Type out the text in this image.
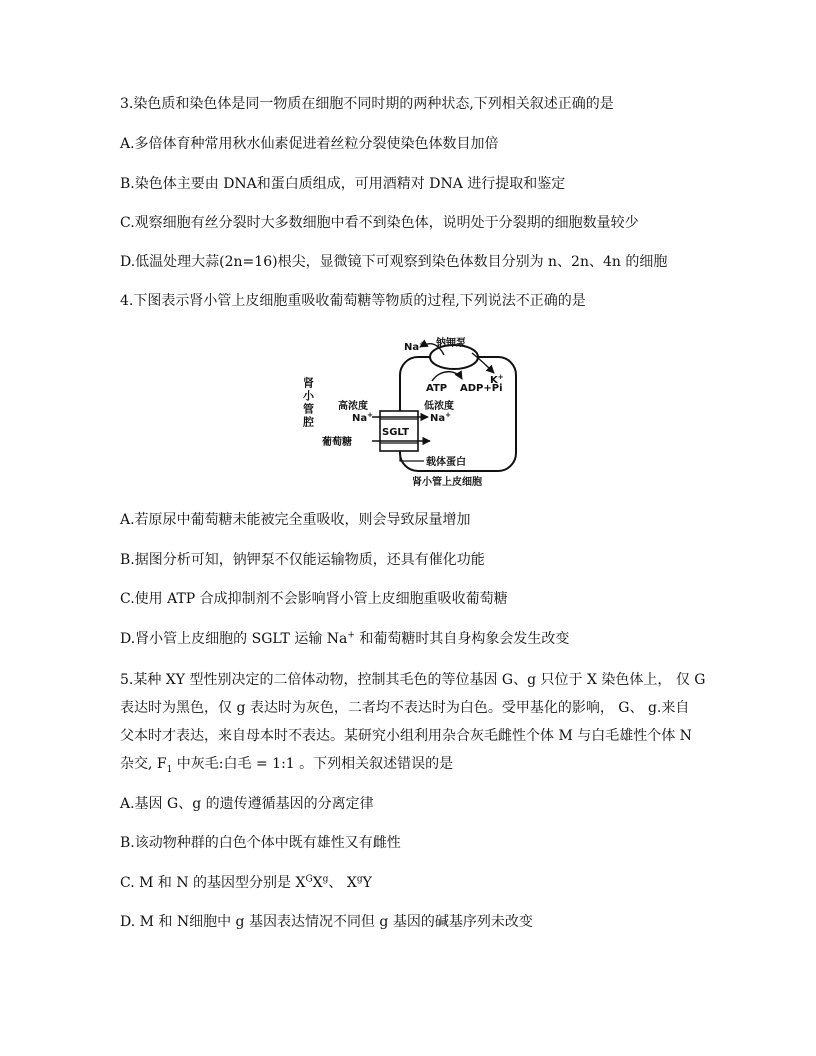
3.染色质和染色体是同一物质在细胞不同时期的两种状态,下列相关叙述正确的是
A.多倍体育种常用秋水仙素促进着丝粒分裂使染色体数目加倍
B.染色体主要由 DNA和蛋白质组成，可用酒精对 DNA 进行提取和鉴定
C.观察细胞有丝分裂时大多数细胞中看不到染色体，说明处于分裂期的细胞数量较少
D.低温处理大蒜(2n=16)根尖，显微镜下可观察到染色体数目分别为 n、2n、4n 的细胞
4.下图表示肾小管上皮细胞重吸收葡萄糖等物质的过程,下列说法不正确的是
肾小管腔
Na+ 钠钾泵
K+
ATP ADP+Pi
高浓度
Na+
低浓度
Na+
SGLT
葡萄糖
载体蛋白
肾小管上皮细胞
A.若原尿中葡萄糖未能被完全重吸收，则会导致尿量增加
B.据图分析可知，钠钾泵不仅能运输物质，还具有催化功能
C.使用 ATP 合成抑制剂不会影响肾小管上皮细胞重吸收葡萄糖
D.肾小管上皮细胞的 SGLT 运输 Na+ 和葡萄糖时其自身构象会发生改变
5.某种 XY 型性别决定的二倍体动物，控制其毛色的等位基因 G、g 只位于 X 染色体上， 仅 G
表达时为黑色，仅 g 表达时为灰色，二者均不表达时为白色。受甲基化的影响， G、 g.来自
父本时才表达，来自母本时不表达。某研究小组利用杂合灰毛雌性个体 M 与白毛雄性个体 N
杂交, $F_1$ 中灰毛:白毛 = 1:1 。下列相关叙述错误的是
A.基因 G、g 的遗传遵循基因的分离定律
B.该动物种群的白色个体中既有雄性又有雌性
C. M 和 N 的基因型分别是 $X^GX^g$、 $X^gY$
D. M 和 N细胞中 g 基因表达情况不同但 g 基因的碱基序列未改变
